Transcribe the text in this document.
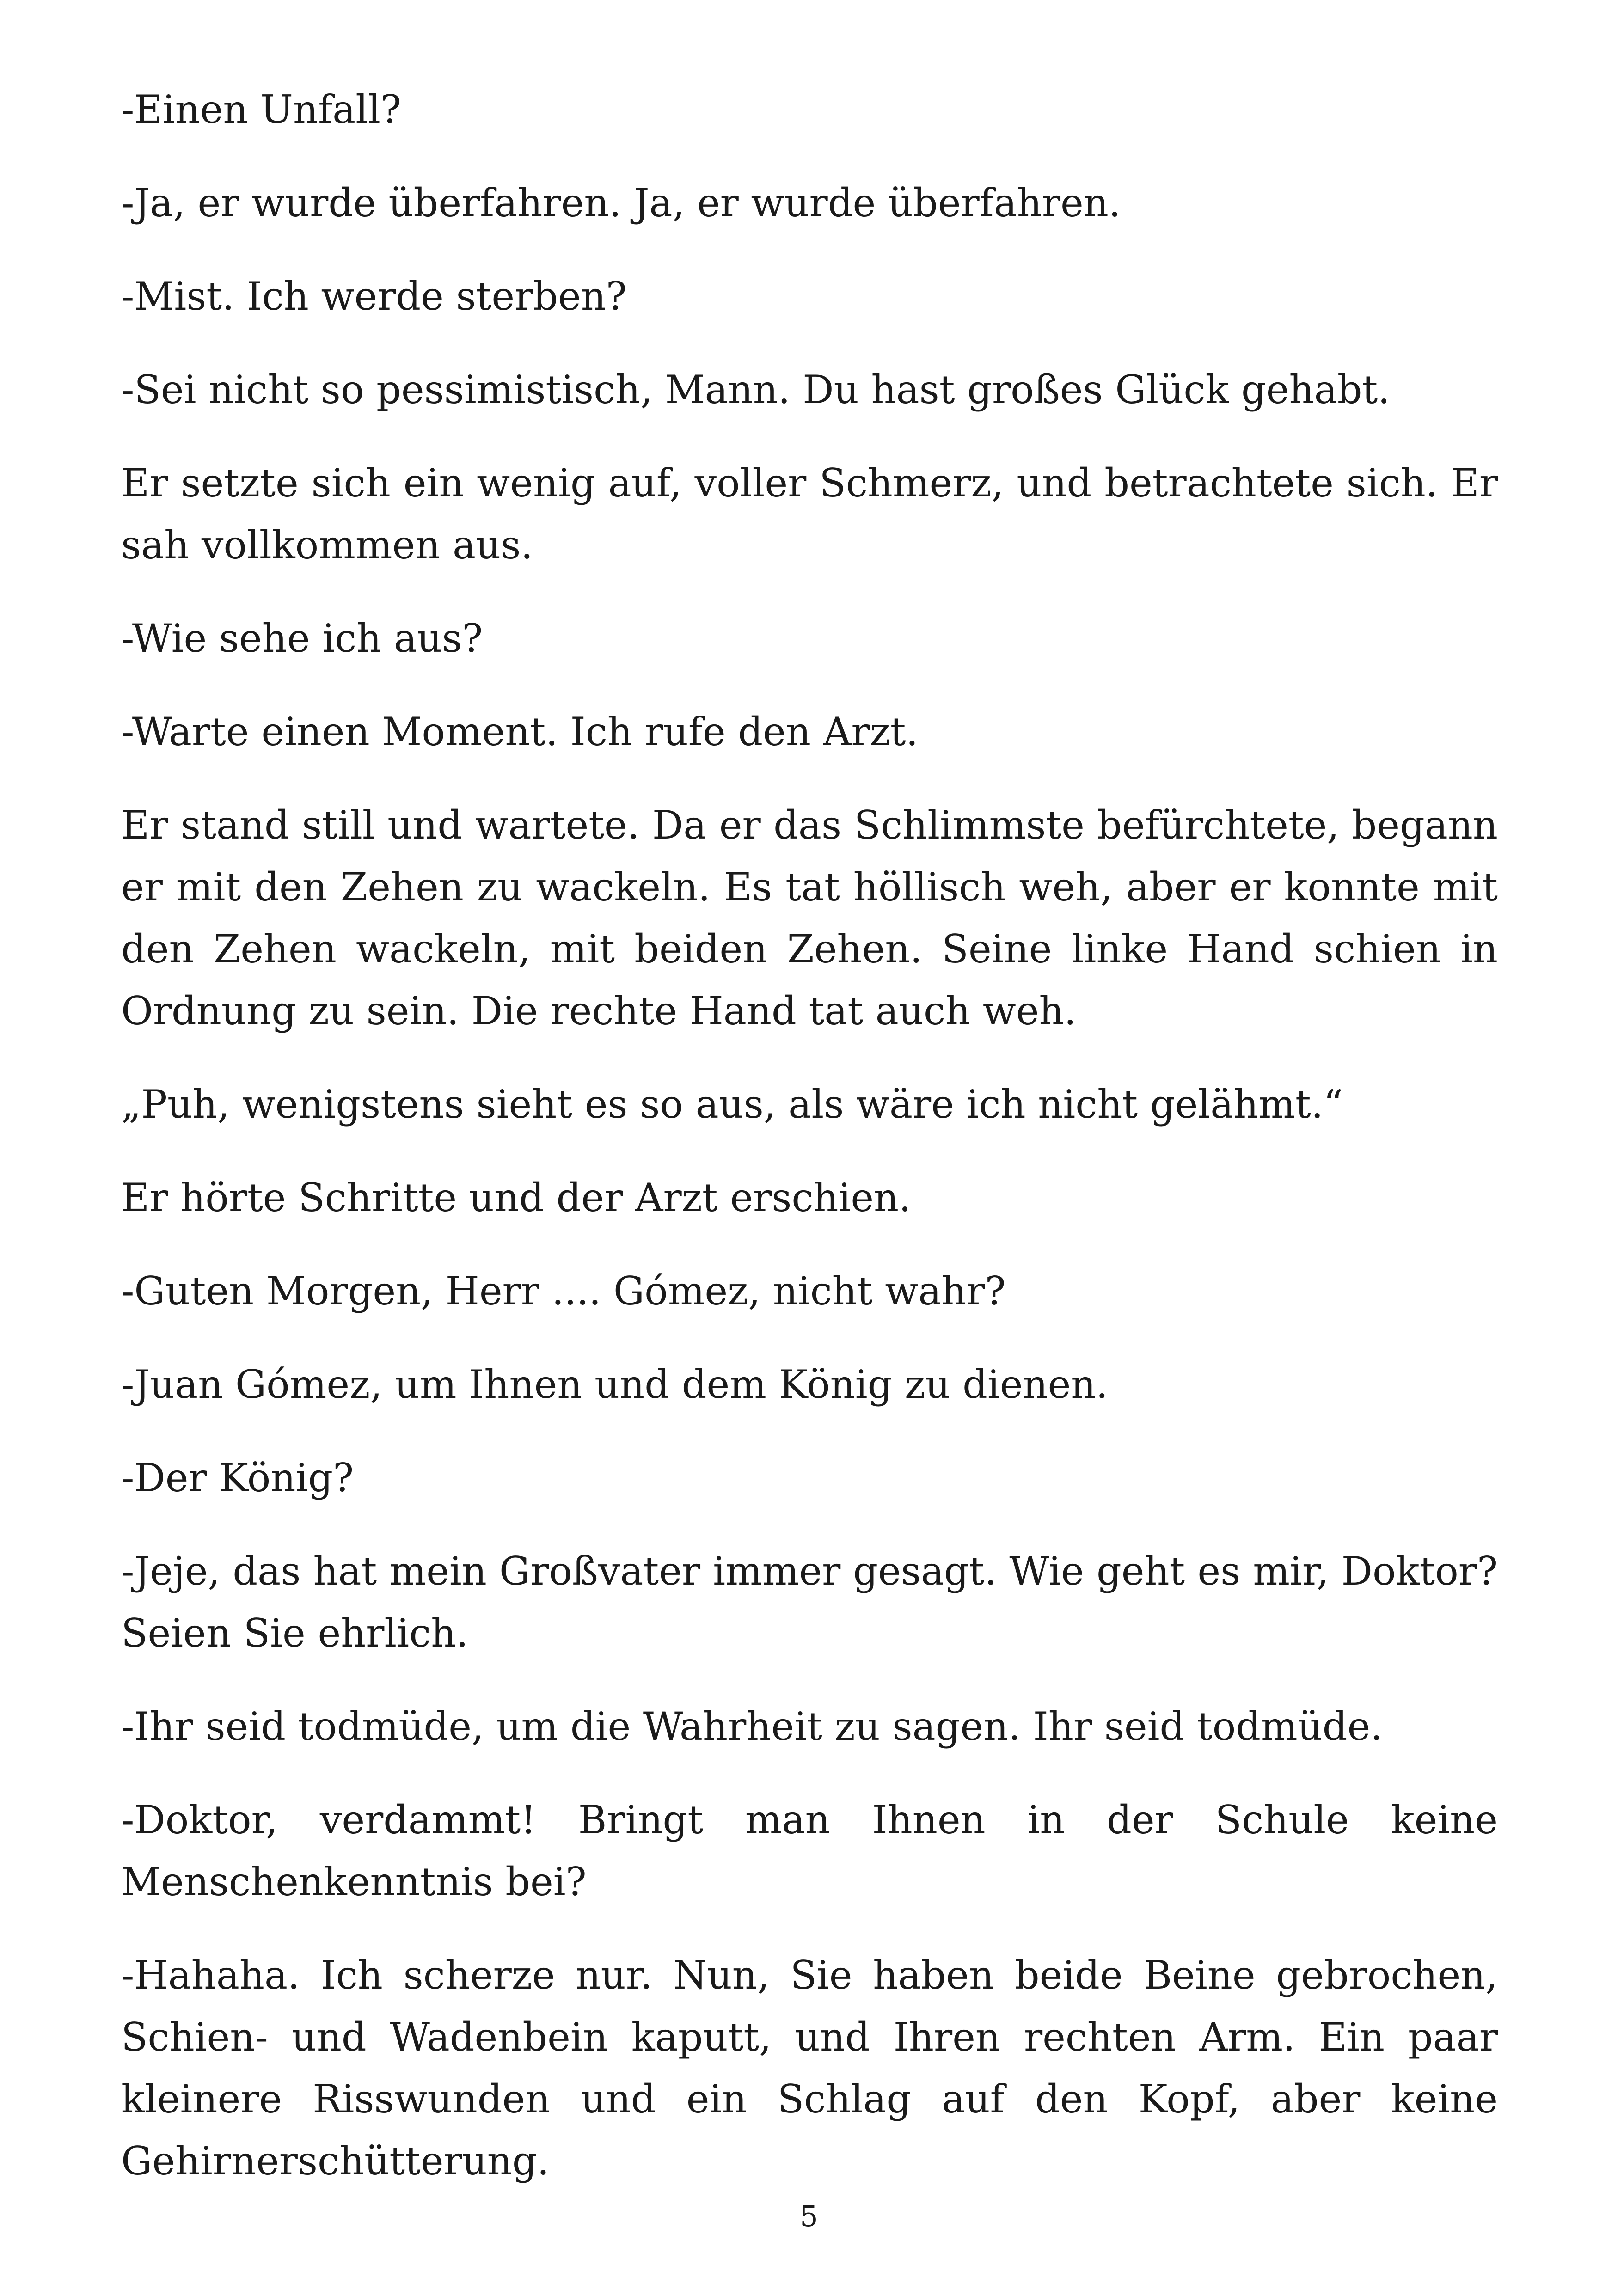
-Einen Unfall?

-Ja, er wurde überfahren. Ja, er wurde überfahren.

-Mist. Ich werde sterben?

-Sei nicht so pessimistisch, Mann. Du hast großes Glück gehabt.

Er setzte sich ein wenig auf, voller Schmerz, und betrachtete sich. Er sah vollkommen aus.

-Wie sehe ich aus?

-Warte einen Moment. Ich rufe den Arzt.

Er stand still und wartete. Da er das Schlimmste befürchtete, begann er mit den Zehen zu wackeln. Es tat höllisch weh, aber er konnte mit den Zehen wackeln, mit beiden Zehen. Seine linke Hand schien in Ordnung zu sein. Die rechte Hand tat auch weh.

„Puh, wenigstens sieht es so aus, als wäre ich nicht gelähmt.“

Er hörte Schritte und der Arzt erschien.

-Guten Morgen, Herr .... Gómez, nicht wahr?

-Juan Gómez, um Ihnen und dem König zu dienen.

-Der König?

-Jeje, das hat mein Großvater immer gesagt. Wie geht es mir, Doktor? Seien Sie ehrlich.

-Ihr seid todmüde, um die Wahrheit zu sagen. Ihr seid todmüde.

-Doktor, verdammt! Bringt man Ihnen in der Schule keine Menschenkenntnis bei?

-Hahaha. Ich scherze nur. Nun, Sie haben beide Beine gebrochen, Schien- und Wadenbein kaputt, und Ihren rechten Arm. Ein paar kleinere Risswunden und ein Schlag auf den Kopf, aber keine Gehirnerschütterung.

5
